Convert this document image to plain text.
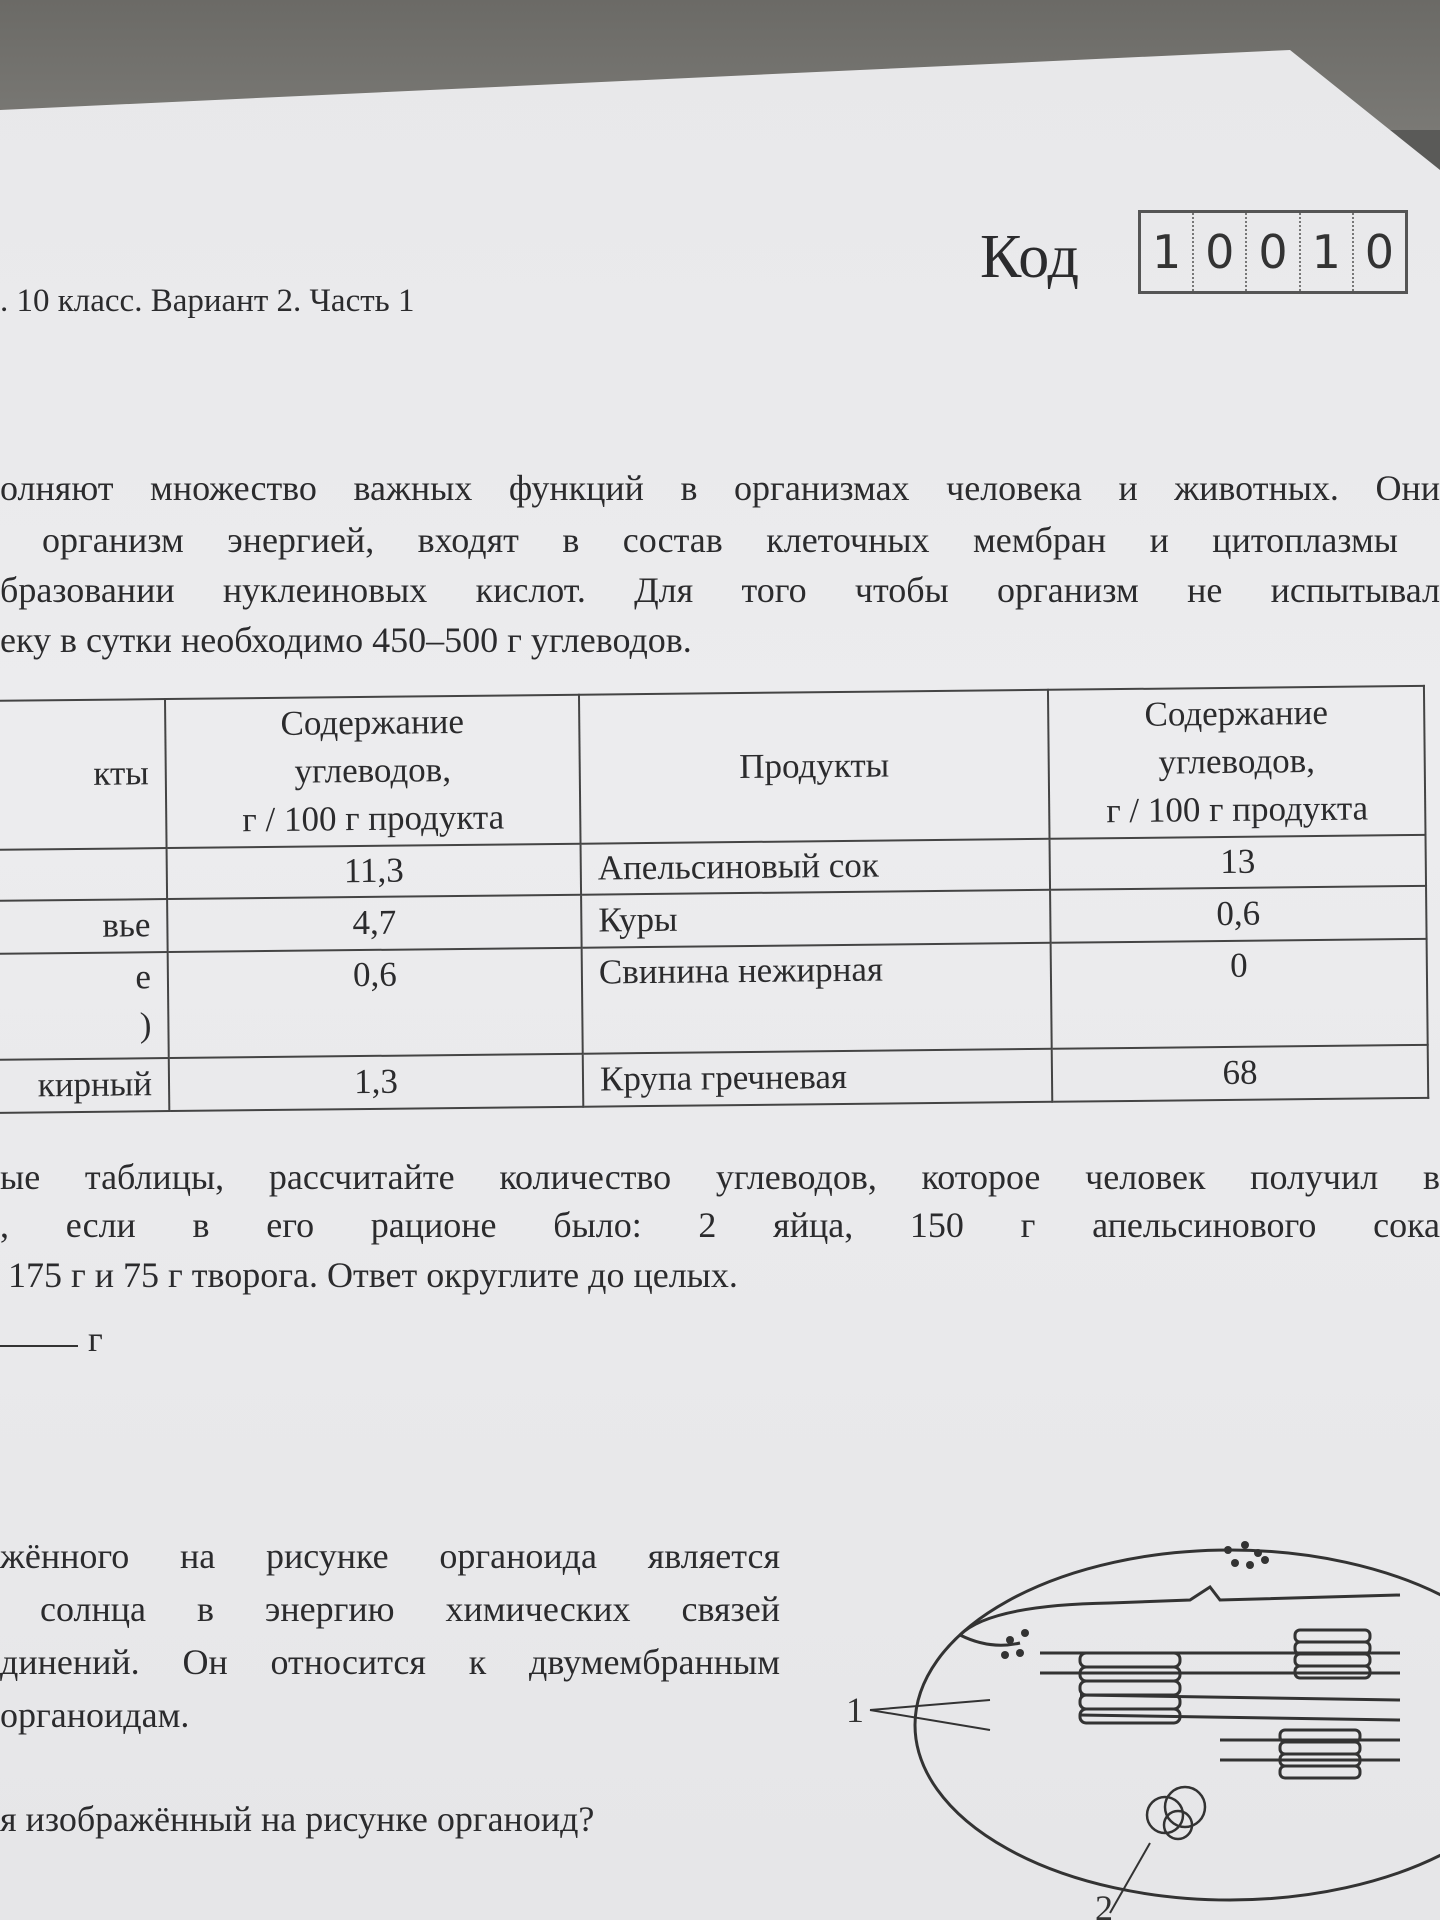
. 10 класс. Вариант 2. Часть 1
Код 1 0 0 1 0
олняют множество важных функций в организмах человека и животных. Они
организм энергией, входят в состав клеточных мембран и цитоплазмы
бразовании нуклеиновых кислот. Для того чтобы организм не испытывал
еку в сутки необходимо 450–500 г углеводов.
кты	Содержание
углеводов,
г / 100 г продукта	Продукты	Содержание
углеводов,
г / 100 г продукта
	11,3	Апельсиновый сок	13
вье	4,7	Куры	0,6
е
)	0,6	Свинина нежирная	0
кирный	1,3	Крупа гречневая	68
ые таблицы, рассчитайте количество углеводов, которое человек получил в
, если в его рационе было: 2 яйца, 150 г апельсинового сока
175 г и 75 г творога. Ответ округлите до целых.
г
жённого на рисунке органоида является
солнца в энергию химических связей
динений. Он относится к двумембранным
органоидам.
я изображённый на рисунке органоид?
1
2
